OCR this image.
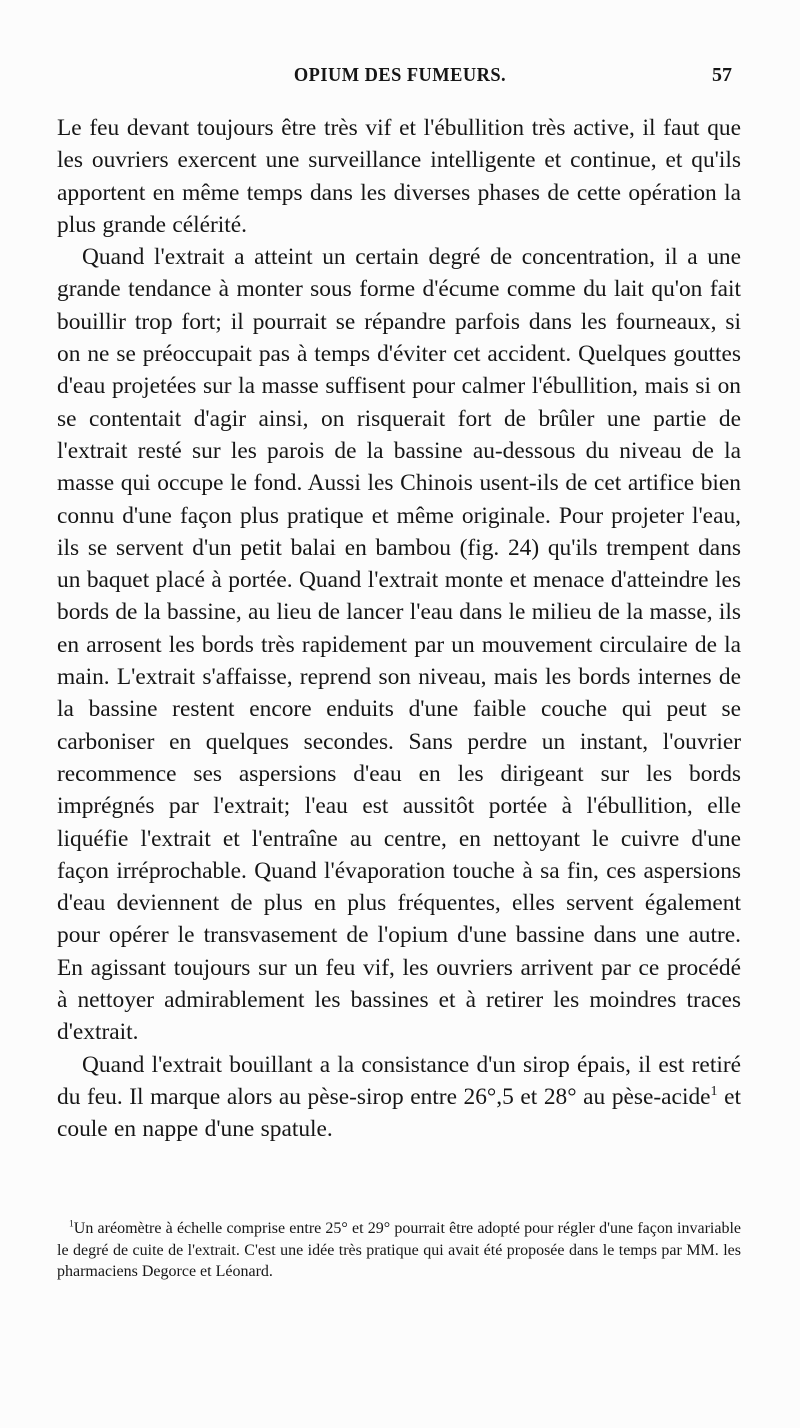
OPIUM DES FUMEURS.	57

Le feu devant toujours être très vif et l'ébullition très active, il faut que les ouvriers exercent une surveillance intelligente et continue, et qu'ils apportent en même temps dans les diverses phases de cette opération la plus grande célérité.

Quand l'extrait a atteint un certain degré de concentration, il a une grande tendance à monter sous forme d'écume comme du lait qu'on fait bouillir trop fort; il pourrait se répandre parfois dans les fourneaux, si on ne se préoccupait pas à temps d'éviter cet accident. Quelques gouttes d'eau projetées sur la masse suffisent pour calmer l'ébullition, mais si on se contentait d'agir ainsi, on risquerait fort de brûler une partie de l'extrait resté sur les parois de la bassine au-dessous du niveau de la masse qui occupe le fond. Aussi les Chinois usent-ils de cet artifice bien connu d'une façon plus pratique et même originale. Pour projeter l'eau, ils se servent d'un petit balai en bambou (fig. 24) qu'ils trempent dans un baquet placé à portée. Quand l'extrait monte et menace d'atteindre les bords de la bassine, au lieu de lancer l'eau dans le milieu de la masse, ils en arrosent les bords très rapidement par un mouvement circulaire de la main. L'extrait s'affaisse, reprend son niveau, mais les bords internes de la bassine restent encore enduits d'une faible couche qui peut se carboniser en quelques secondes. Sans perdre un instant, l'ouvrier recommence ses aspersions d'eau en les dirigeant sur les bords imprégnés par l'extrait; l'eau est aussitôt portée à l'ébullition, elle liquéfie l'extrait et l'entraîne au centre, en nettoyant le cuivre d'une façon irréprochable. Quand l'évaporation touche à sa fin, ces aspersions d'eau deviennent de plus en plus fréquentes, elles servent également pour opérer le transvasement de l'opium d'une bassine dans une autre. En agissant toujours sur un feu vif, les ouvriers arrivent par ce procédé à nettoyer admirablement les bassines et à retirer les moindres traces d'extrait.

Quand l'extrait bouillant a la consistance d'un sirop épais, il est retiré du feu. Il marque alors au pèse-sirop entre 26°,5 et 28° au pèse-acide$^1$ et coule en nappe d'une spatule.

$^1$Un aréomètre à échelle comprise entre 25° et 29° pourrait être adopté pour régler d'une façon invariable le degré de cuite de l'extrait. C'est une idée très pratique qui avait été proposée dans le temps par MM. les pharmaciens Degorce et Léonard.
